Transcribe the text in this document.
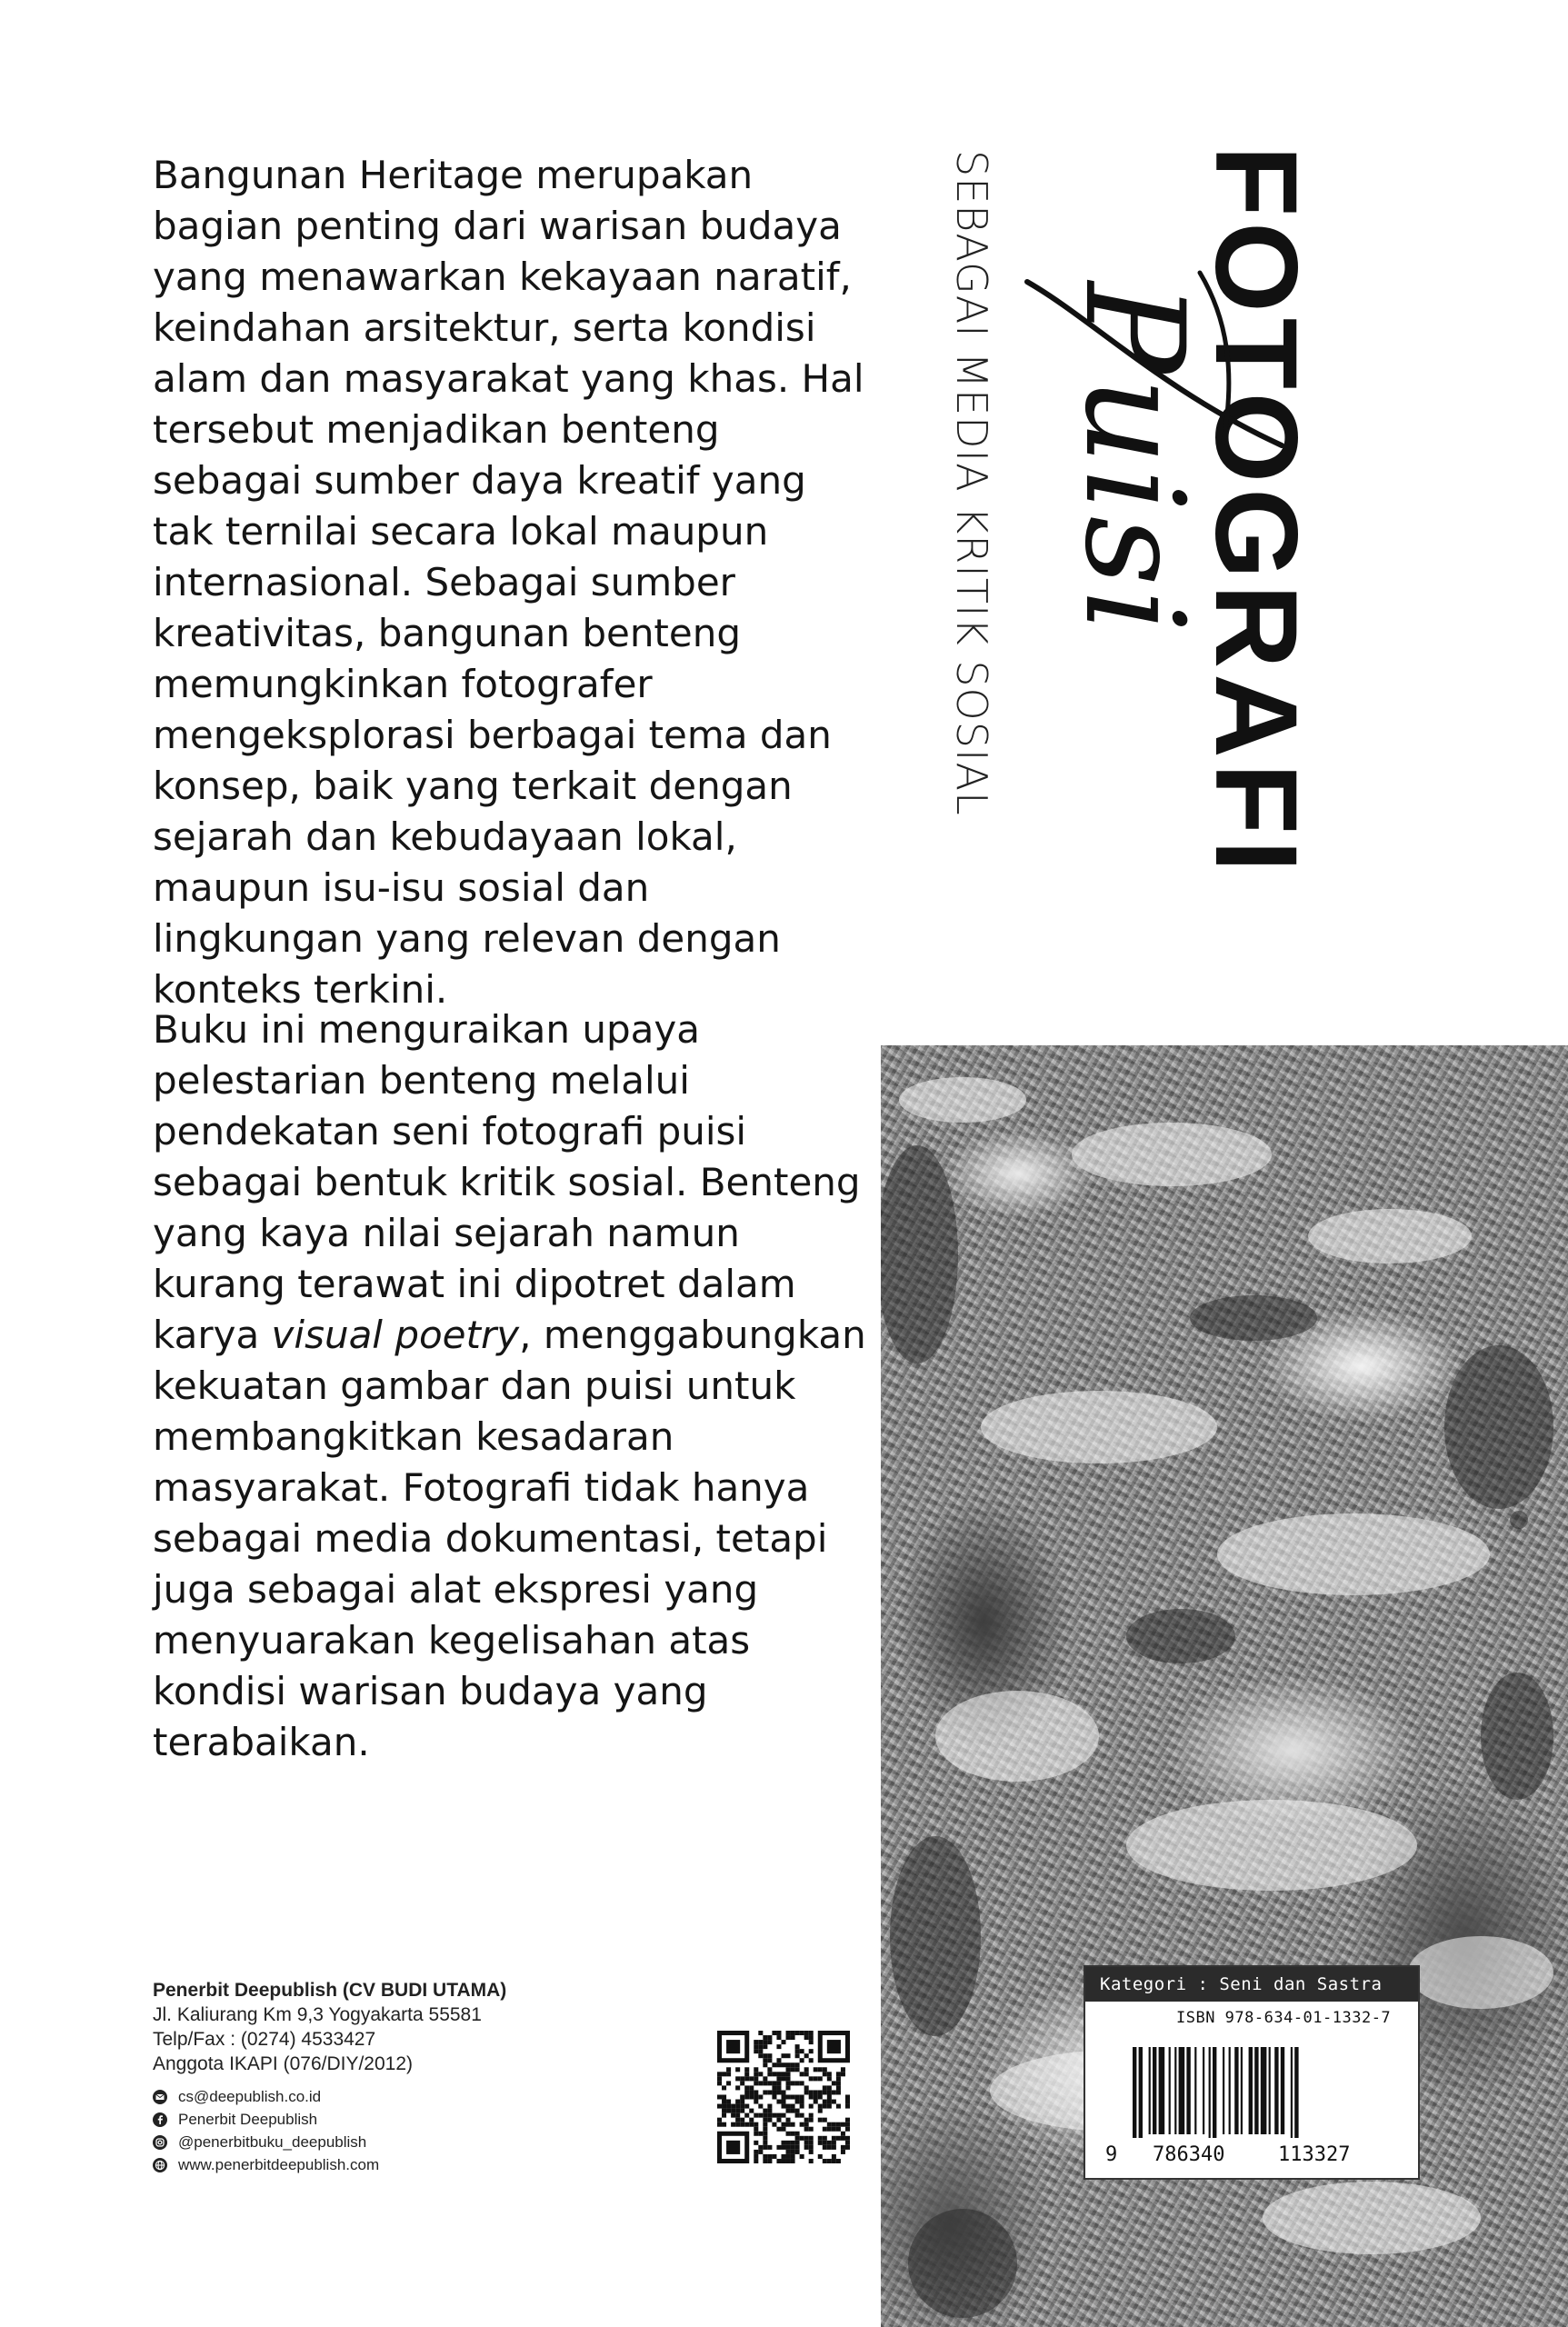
Bangunan Heritage merupakan bagian penting dari warisan budaya yang menawarkan kekayaan naratif, keindahan arsitektur, serta kondisi alam dan masyarakat yang khas. Hal tersebut menjadikan benteng sebagai sumber daya kreatif yang tak ternilai secara lokal maupun internasional. Sebagai sumber kreativitas, bangunan benteng memungkinkan fotografer mengeksplorasi berbagai tema dan konsep, baik yang terkait dengan sejarah dan kebudayaan lokal, maupun isu-isu sosial dan lingkungan yang relevan dengan konteks terkini.

Buku ini menguraikan upaya pelestarian benteng melalui pendekatan seni fotografi puisi sebagai bentuk kritik sosial. Benteng yang kaya nilai sejarah namun kurang terawat ini dipotret dalam karya visual poetry, menggabungkan kekuatan gambar dan puisi untuk membangkitkan kesadaran masyarakat. Fotografi tidak hanya sebagai media dokumentasi, tetapi juga sebagai alat ekspresi yang menyuarakan kegelisahan atas kondisi warisan budaya yang terabaikan.

SEBAGAI MEDIA KRITIK SOSIAL FOTOGRAFI
Puisi
Kategori : Seni dan Sastra
ISBN 978-634-01-1332-7
9 786340	113327
Penerbit Deepublish (CV BUDI UTAMA)
Jl. Kaliurang Km 9,3 Yogyakarta 55581
Telp/Fax : (0274) 4533427
Anggota IKAPI (076/DIY/2012)
cs@deepublish.co.id
Penerbit Deepublish
@penerbitbuku_deepublish
www.penerbitdeepublish.com
